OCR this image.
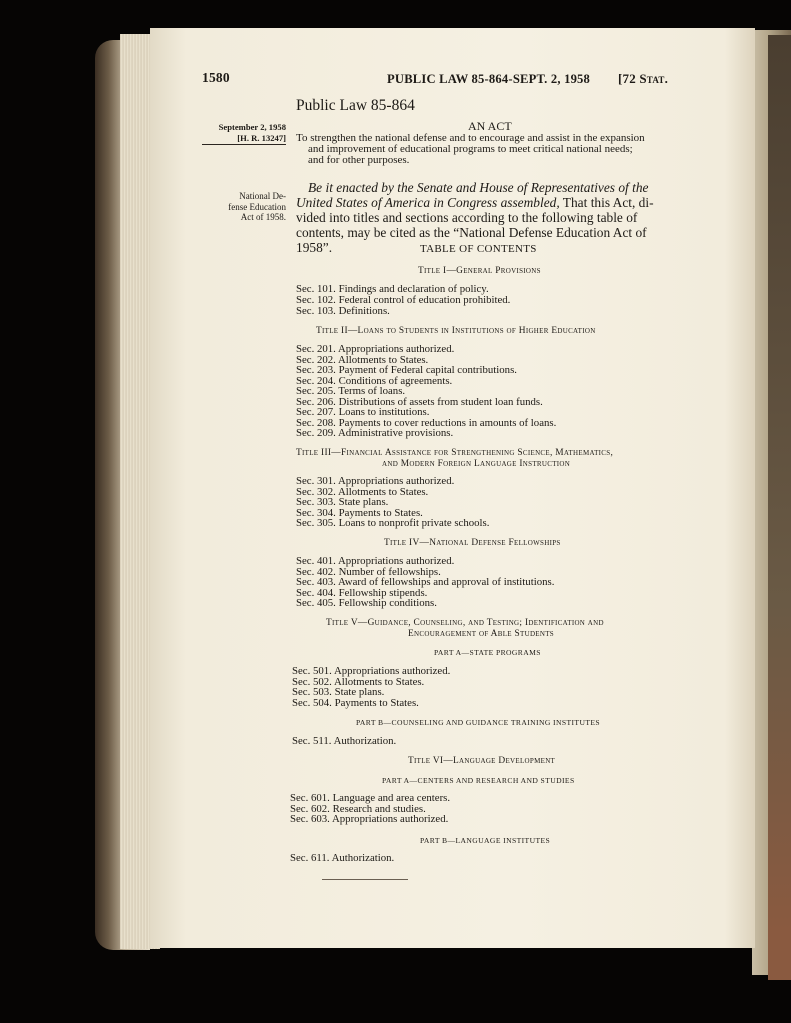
1580	PUBLIC LAW 85-864-SEPT. 2, 1958 [72 Stat.
Public Law 85-864
AN ACT
September 2, 1958
[H. R. 13247] To strengthen the national defense and to encourage and assist in the expansion
and improvement of educational programs to meet critical national needs;
and for other purposes.
National De-
fense Education
Act of 1958.
Be it enacted by the Senate and House of Representatives of the
United States of America in Congress assembled, That this Act, di-
vided into titles and sections according to the following table of
contents, may be cited as the “National Defense Education Act of
1958”.	TABLE OF CONTENTS
Title I—General Provisions
Sec. 101. Findings and declaration of policy.
Sec. 102. Federal control of education prohibited.
Sec. 103. Definitions.
Title II—Loans to Students in Institutions of Higher Education
Sec. 201. Appropriations authorized.
Sec. 202. Allotments to States.
Sec. 203. Payment of Federal capital contributions.
Sec. 204. Conditions of agreements.
Sec. 205. Terms of loans.
Sec. 206. Distributions of assets from student loan funds.
Sec. 207. Loans to institutions.
Sec. 208. Payments to cover reductions in amounts of loans.
Sec. 209. Administrative provisions.
Title III—Financial Assistance for Strengthening Science, Mathematics,
and Modern Foreign Language Instruction
Sec. 301. Appropriations authorized.
Sec. 302. Allotments to States.
Sec. 303. State plans.
Sec. 304. Payments to States.
Sec. 305. Loans to nonprofit private schools.
Title IV—National Defense Fellowships
Sec. 401. Appropriations authorized.
Sec. 402. Number of fellowships.
Sec. 403. Award of fellowships and approval of institutions.
Sec. 404. Fellowship stipends.
Sec. 405. Fellowship conditions.
Title V—Guidance, Counseling, and Testing; Identification and
Encouragement of Able Students
PART A—STATE PROGRAMS
Sec. 501. Appropriations authorized.
Sec. 502. Allotments to States.
Sec. 503. State plans.
Sec. 504. Payments to States.
PART B—COUNSELING AND GUIDANCE TRAINING INSTITUTES
Sec. 511. Authorization.
Title VI—Language Development
PART A—CENTERS AND RESEARCH AND STUDIES
Sec. 601. Language and area centers.
Sec. 602. Research and studies.
Sec. 603. Appropriations authorized.
PART B—LANGUAGE INSTITUTES
Sec. 611. Authorization.
